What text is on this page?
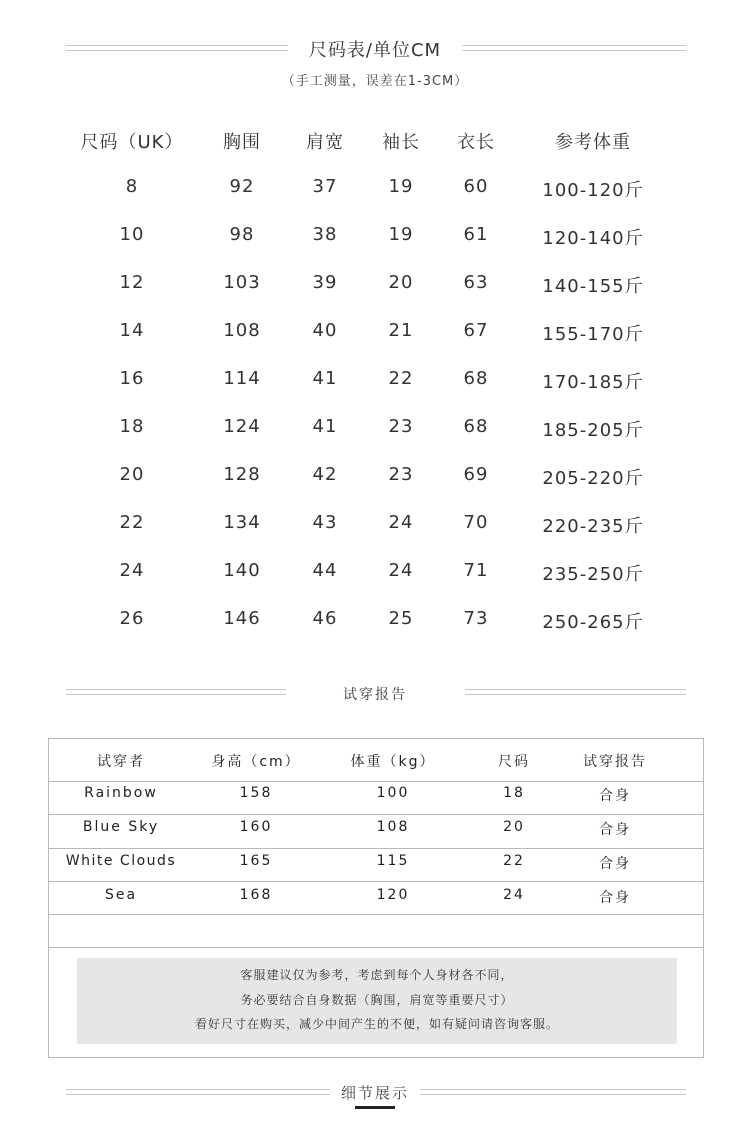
尺码表/单位CM
（手工测量，误差在1-3CM）
尺码（UK）	胸围	肩宽	袖长	衣长	参考体重
8	92	37	19	60	100-120斤
10	98	38	19	61	120-140斤
12	103	39	20	63	140-155斤
14	108	40	21	67	155-170斤
16	114	41	22	68	170-185斤
18	124	41	23	68	185-205斤
20	128	42	23	69	205-220斤
22	134	43	24	70	220-235斤
24	140	44	24	71	235-250斤
26	146	46	25	73	250-265斤
试穿报告
试穿者	身高（cm）	体重（kg）	尺码	试穿报告
Rainbow	158	100	18	合身
Blue Sky	160	108	20	合身
White Clouds	165	115	22	合身
Sea	168	120	24	合身
客服建议仅为参考，考虑到每个人身材各不同，
务必要结合自身数据（胸围，肩宽等重要尺寸）
看好尺寸在购买，减少中间产生的不便，如有疑问请咨询客服。
细节展示
